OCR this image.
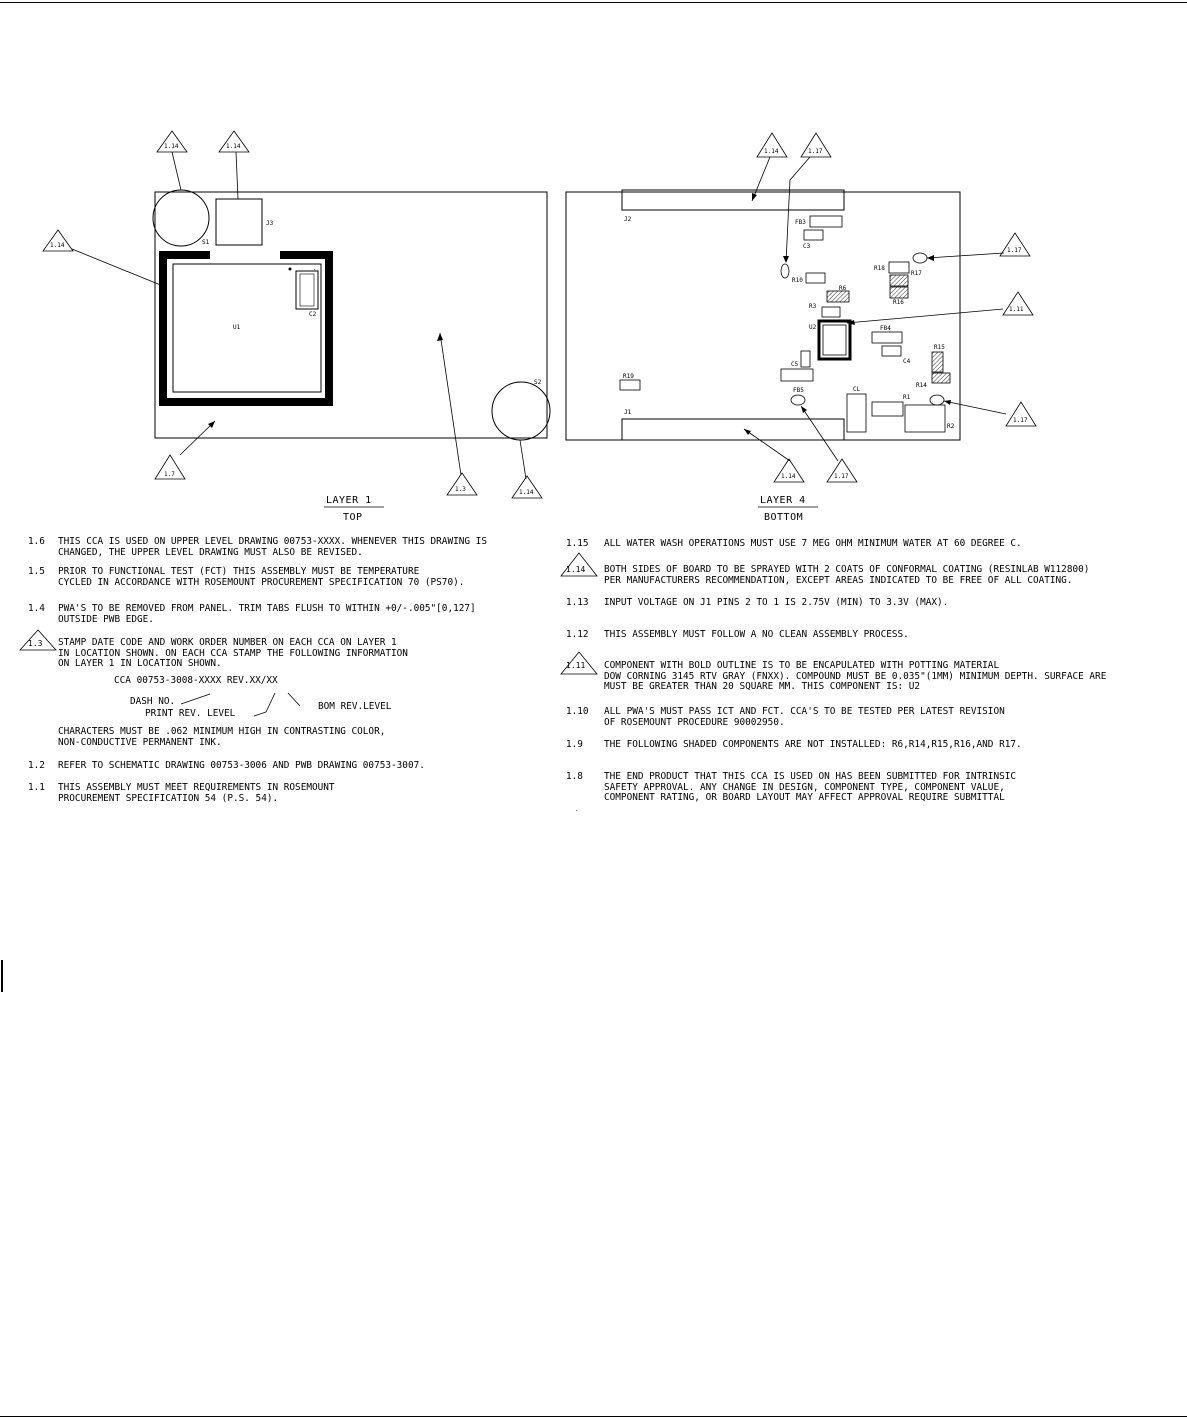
S1
J3
.
U1
C2
S2
1.14	1.14
1.14
1.7
1.3	1.14
LAYER 1
TOP
J2	FB3
C3
R10
R6
R18
R17
R16
R3
U2	FB4
C4
R15
R14
C5
R19
FB5	CL
R1
R2
J1
1.14	1.17
1.17
1.11
1.17
1.14	1.17
LAYER 4
BOTTOM
.

1.6	THIS CCA IS USED ON UPPER LEVEL DRAWING 00753-XXXX. WHENEVER THIS DRAWING IS
CHANGED, THE UPPER LEVEL DRAWING MUST ALSO BE REVISED.

1.5	PRIOR TO FUNCTIONAL TEST (FCT) THIS ASSEMBLY MUST BE TEMPERATURE
CYCLED IN ACCORDANCE WITH ROSEMOUNT PROCUREMENT SPECIFICATION 70 (PS70).

1.4	PWA'S TO BE REMOVED FROM PANEL. TRIM TABS FLUSH TO WITHIN +0/-.005"[0,127]
OUTSIDE PWB EDGE.

1.3	STAMP DATE CODE AND WORK ORDER NUMBER ON EACH CCA ON LAYER 1
IN LOCATION SHOWN. ON EACH CCA STAMP THE FOLLOWING INFORMATION
ON LAYER 1 IN LOCATION SHOWN.

CCA 00753-3008-XXXX REV.XX/XX

DASH NO.

PRINT REV. LEVEL

BOM REV.LEVEL

CHARACTERS MUST BE .062 MINIMUM HIGH IN CONTRASTING COLOR,
NON-CONDUCTIVE PERMANENT INK.

1.2	REFER TO SCHEMATIC DRAWING 00753-3006 AND PWB DRAWING 00753-3007.

1.1	THIS ASSEMBLY MUST MEET REQUIREMENTS IN ROSEMOUNT
PROCUREMENT SPECIFICATION 54 (P.S. 54).

1.15	ALL WATER WASH OPERATIONS MUST USE 7 MEG OHM MINIMUM WATER AT 60 DEGREE C.

1.14	BOTH SIDES OF BOARD TO BE SPRAYED WITH 2 COATS OF CONFORMAL COATING (RESINLAB W112800)
PER MANUFACTURERS RECOMMENDATION, EXCEPT AREAS INDICATED TO BE FREE OF ALL COATING.

1.13	INPUT VOLTAGE ON J1 PINS 2 TO 1 IS 2.75V (MIN) TO 3.3V (MAX).

1.12	THIS ASSEMBLY MUST FOLLOW A NO CLEAN ASSEMBLY PROCESS.

1.11	COMPONENT WITH BOLD OUTLINE IS TO BE ENCAPULATED WITH POTTING MATERIAL
DOW CORNING 3145 RTV GRAY (FNXX). COMPOUND MUST BE 0.035"(1MM) MINIMUM DEPTH. SURFACE ARE
MUST BE GREATER THAN 20 SQUARE MM. THIS COMPONENT IS: U2

1.10	ALL PWA'S MUST PASS ICT AND FCT. CCA'S TO BE TESTED PER LATEST REVISION
OF ROSEMOUNT PROCEDURE 90002950.

1.9	THE FOLLOWING SHADED COMPONENTS ARE NOT INSTALLED: R6,R14,R15,R16,AND R17.

1.8	THE END PRODUCT THAT THIS CCA IS USED ON HAS BEEN SUBMITTED FOR INTRINSIC
SAFETY APPROVAL. ANY CHANGE IN DESIGN, COMPONENT TYPE, COMPONENT VALUE,
COMPONENT RATING, OR BOARD LAYOUT MAY AFFECT APPROVAL REQUIRE SUBMITTAL
